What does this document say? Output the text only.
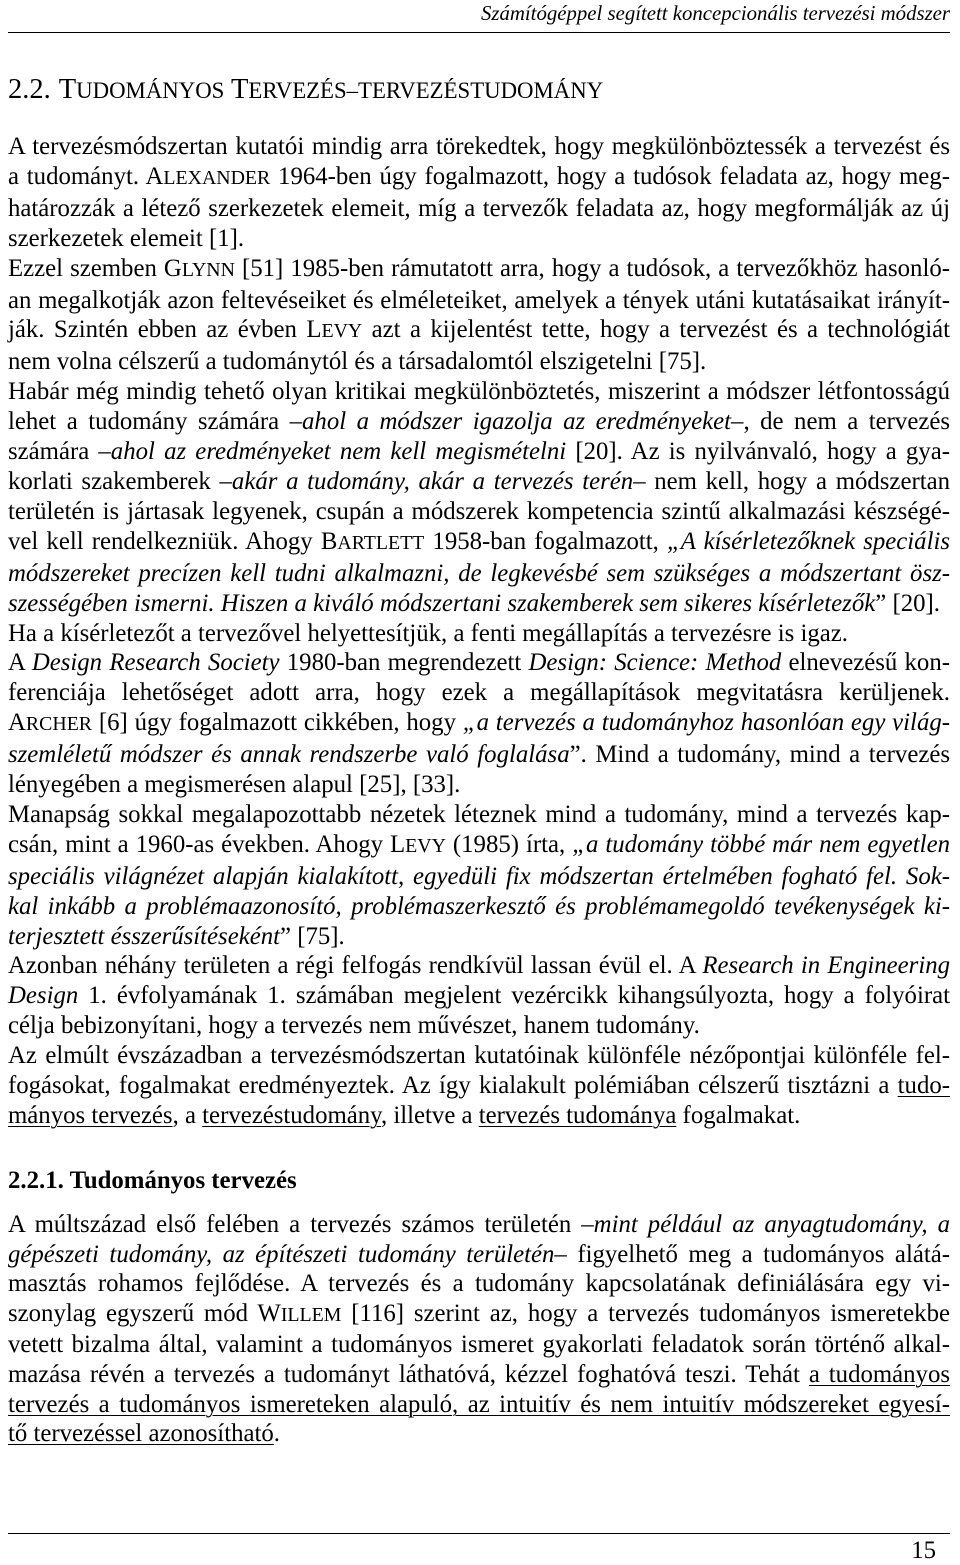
Számítógéppel segített koncepcionális tervezési módszer
2.2. TUDOMÁNYOS TERVEZÉS–TERVEZÉSTUDOMÁNY
A tervezésmódszertan kutatói mindig arra törekedtek, hogy megkülönböztessék a tervezést és
a tudományt. ALEXANDER 1964-ben úgy fogalmazott, hogy a tudósok feladata az, hogy meg-
határozzák a létező szerkezetek elemeit, míg a tervezők feladata az, hogy megformálják az új
szerkezetek elemeit [1].
Ezzel szemben GLYNN [51] 1985-ben rámutatott arra, hogy a tudósok, a tervezőkhöz hasonló-
an megalkotják azon feltevéseiket és elméleteiket, amelyek a tények utáni kutatásaikat irányít-
ják. Szintén ebben az évben LEVY azt a kijelentést tette, hogy a tervezést és a technológiát
nem volna célszerű a tudománytól és a társadalomtól elszigetelni [75].
Habár még mindig tehető olyan kritikai megkülönböztetés, miszerint a módszer létfontosságú
lehet a tudomány számára –ahol a módszer igazolja az eredményeket–, de nem a tervezés
számára –ahol az eredményeket nem kell megismételni [20]. Az is nyilvánvaló, hogy a gya-
korlati szakemberek –akár a tudomány, akár a tervezés terén– nem kell, hogy a módszertan
területén is jártasak legyenek, csupán a módszerek kompetencia szintű alkalmazási készségé-
vel kell rendelkezniük. Ahogy BARTLETT 1958-ban fogalmazott, „A kísérletezőknek speciális
módszereket precízen kell tudni alkalmazni, de legkevésbé sem szükséges a módszertant ösz-
szességében ismerni. Hiszen a kiváló módszertani szakemberek sem sikeres kísérletezők” [20].
Ha a kísérletezőt a tervezővel helyettesítjük, a fenti megállapítás a tervezésre is igaz.
A Design Research Society 1980-ban megrendezett Design: Science: Method elnevezésű kon-
ferenciája lehetőséget adott arra, hogy ezek a megállapítások megvitatásra kerüljenek.
ARCHER [6] úgy fogalmazott cikkében, hogy „a tervezés a tudományhoz hasonlóan egy világ-
szemléletű módszer és annak rendszerbe való foglalása”. Mind a tudomány, mind a tervezés
lényegében a megismerésen alapul [25], [33].
Manapság sokkal megalapozottabb nézetek léteznek mind a tudomány, mind a tervezés kap-
csán, mint a 1960-as években. Ahogy LEVY (1985) írta, „a tudomány többé már nem egyetlen
speciális világnézet alapján kialakított, egyedüli fix módszertan értelmében fogható fel. Sok-
kal inkább a problémaazonosító, problémaszerkesztő és problémamegoldó tevékenységek ki-
terjesztett ésszerűsítéseként” [75].
Azonban néhány területen a régi felfogás rendkívül lassan évül el. A Research in Engineering
Design 1. évfolyamának 1. számában megjelent vezércikk kihangsúlyozta, hogy a folyóirat
célja bebizonyítani, hogy a tervezés nem művészet, hanem tudomány.
Az elmúlt évszázadban a tervezésmódszertan kutatóinak különféle nézőpontjai különféle fel-
fogásokat, fogalmakat eredményeztek. Az így kialakult polémiában célszerű tisztázni a tudo-
mányos tervezés, a tervezéstudomány, illetve a tervezés tudománya fogalmakat.
2.2.1. Tudományos tervezés
A múltszázad első felében a tervezés számos területén –mint például az anyagtudomány, a
gépészeti tudomány, az építészeti tudomány területén– figyelhető meg a tudományos alátá-
masztás rohamos fejlődése. A tervezés és a tudomány kapcsolatának definiálására egy vi-
szonylag egyszerű mód WILLEM [116] szerint az, hogy a tervezés tudományos ismeretekbe
vetett bizalma által, valamint a tudományos ismeret gyakorlati feladatok során történő alkal-
mazása révén a tervezés a tudományt láthatóvá, kézzel foghatóvá teszi. Tehát a tudományos
tervezés a tudományos ismereteken alapuló, az intuitív és nem intuitív módszereket egyesí-
tő tervezéssel azonosítható.
15
